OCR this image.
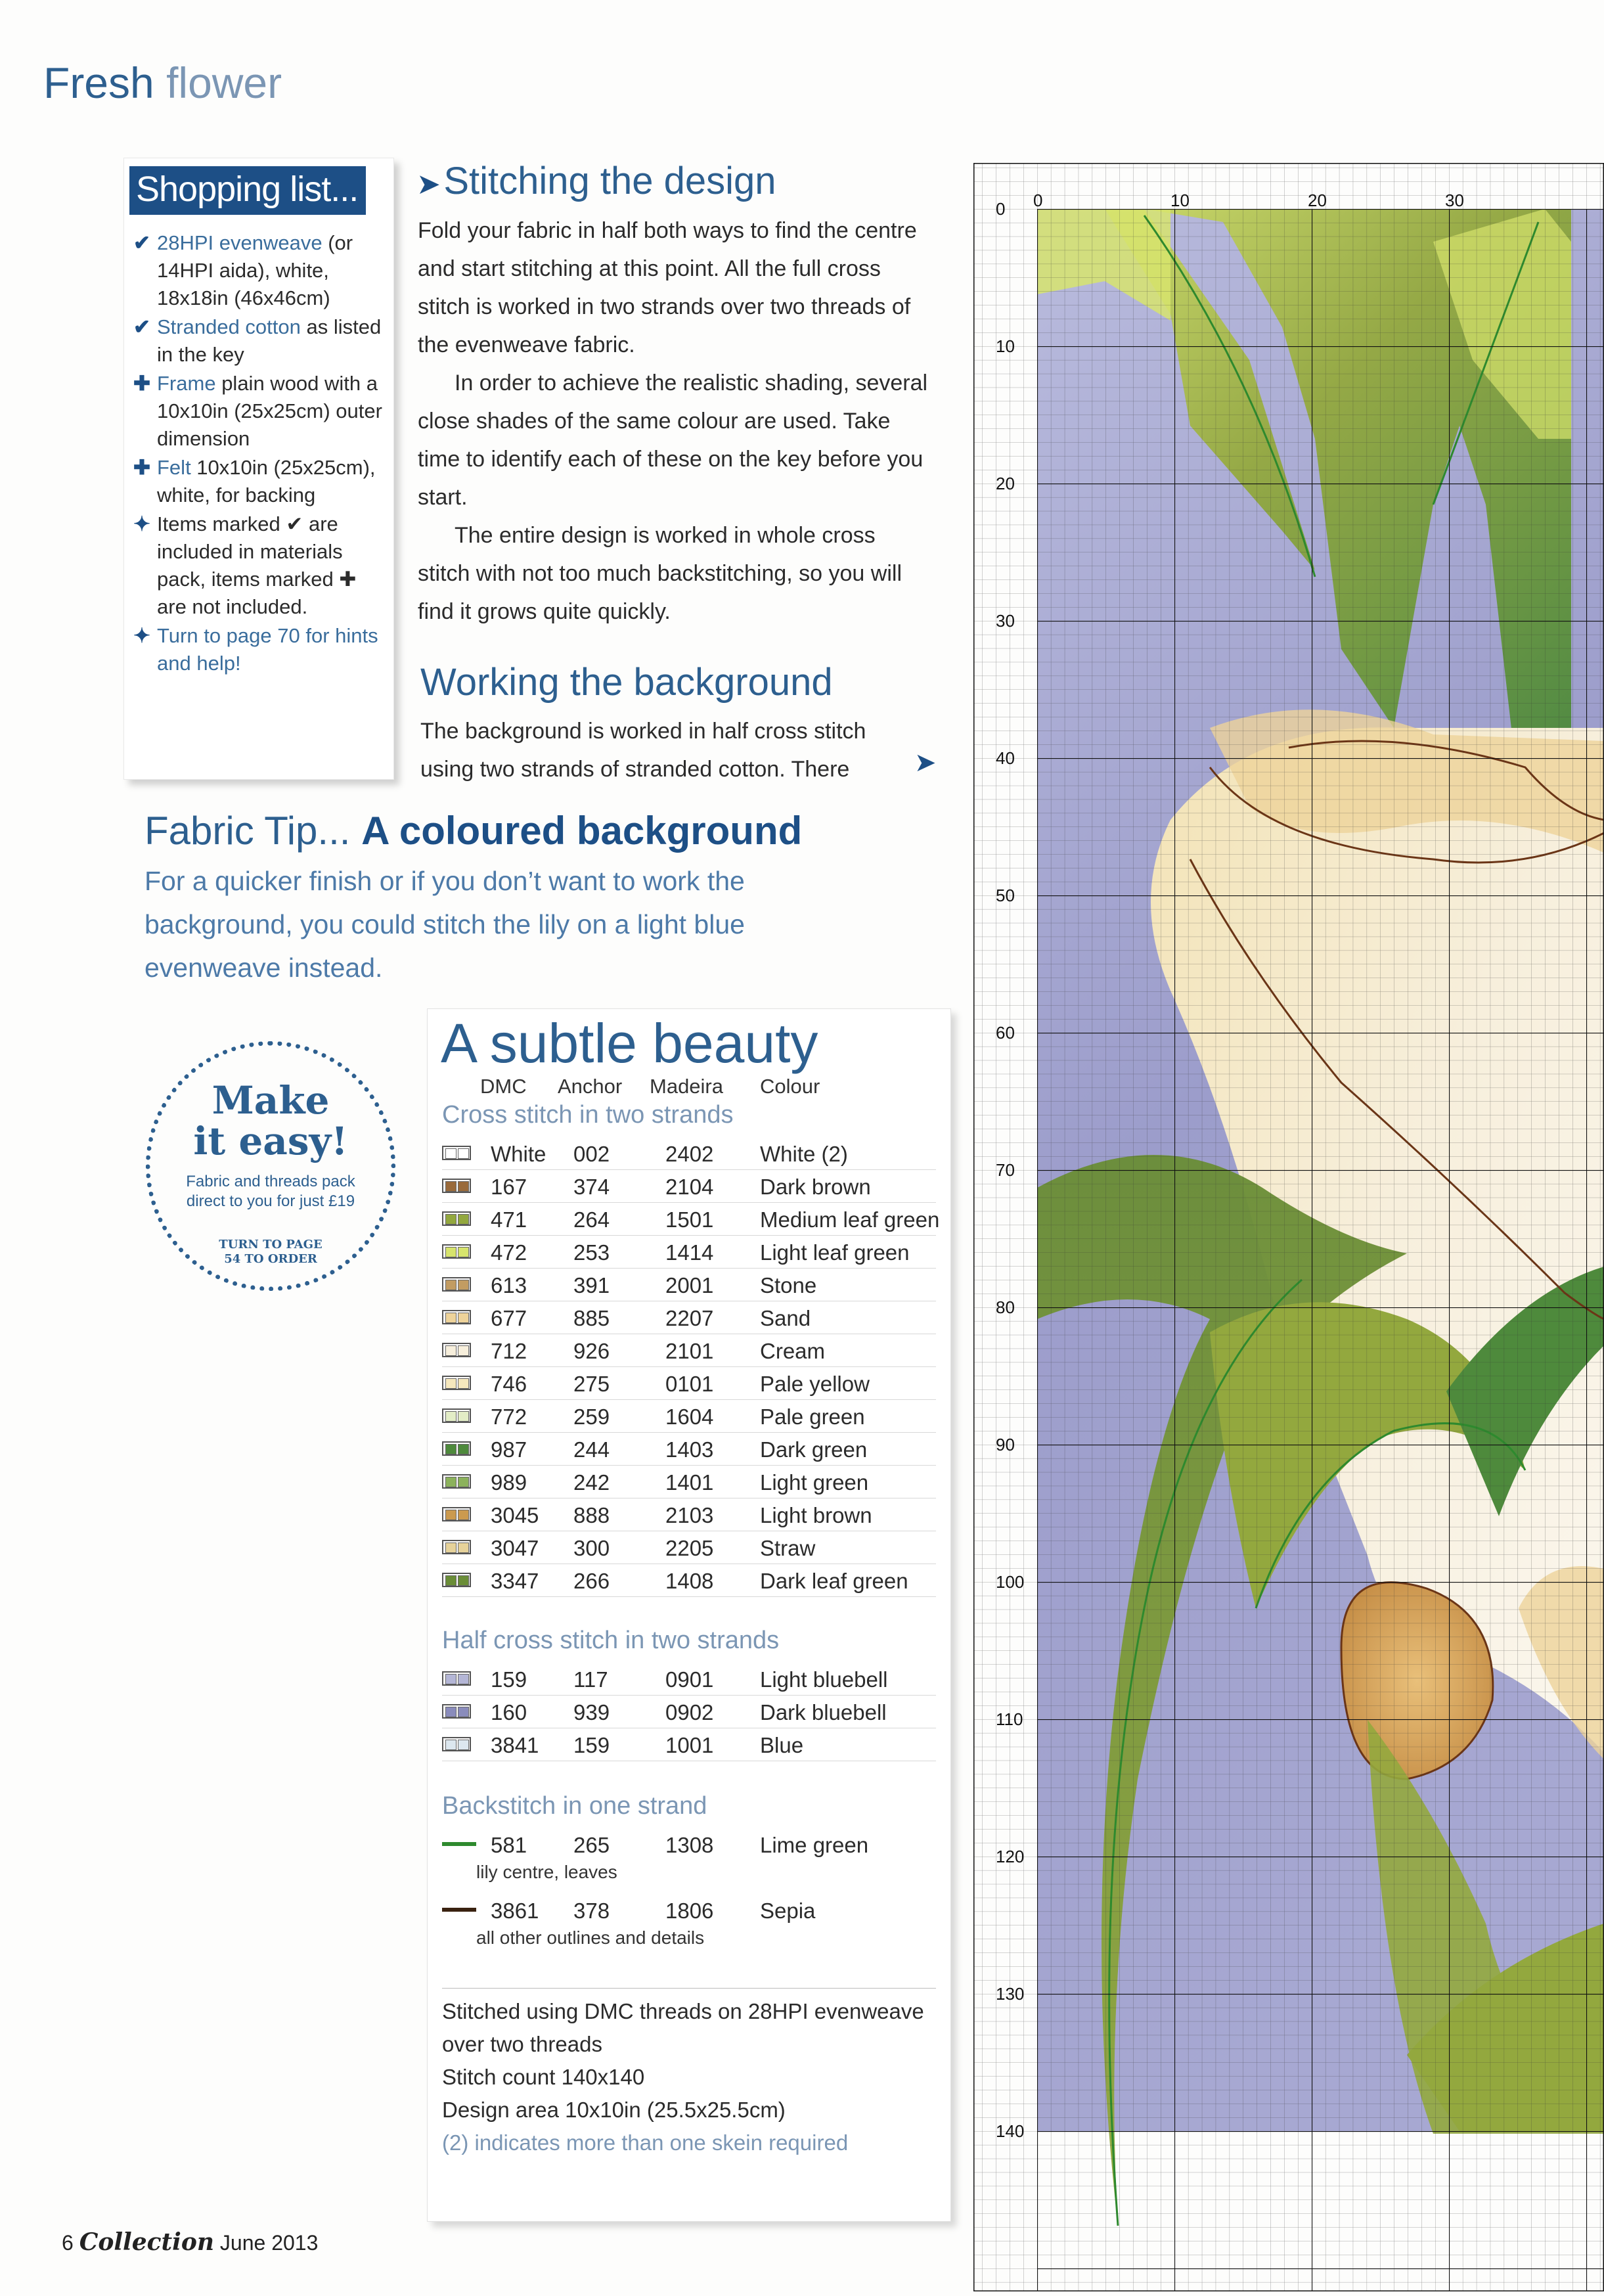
Fresh flower
Shopping list...
✔ 28HPI evenweave (or 14HPI aida), white, 18x18in (46x46cm)
✔ Stranded cotton as listed in the key
✚ Frame plain wood with a 10x10in (25x25cm) outer dimension
✚ Felt 10x10in (25x25cm), white, for backing
✦ Items marked ✔ are included in materials pack, items marked ✚ are not included.
✦ Turn to page 70 for hints and help!
➤ Stitching the design
Fold your fabric in half both ways to find the centre and start stitching at this point. All the full cross stitch is worked in two strands over two threads of the evenweave fabric.
In order to achieve the realistic shading, several close shades of the same colour are used. Take time to identify each of these on the key before you start.
The entire design is worked in whole cross stitch with not too much backstitching, so you will find it grows quite quickly.
Working the background
The background is worked in half cross stitch using two strands of stranded cotton. There	➤
Fabric Tip... A coloured background
For a quicker finish or if you don’t want to work the background, you could stitch the lily on a light blue evenweave instead.
Make
it easy!
Fabric and threads pack direct to you for just £19
TURN TO PAGE 54 TO ORDER
A subtle beauty
DMC Anchor Madeira Colour
Cross stitch in two strands
White 002	2402 White (2)
167 374	2104 Dark brown
471 264	1501 Medium leaf green
472 253	1414 Light leaf green
613 391	2001 Stone
677 885	2207 Sand
712 926	2101 Cream
746 275	0101 Pale yellow
772 259	1604 Pale green
987 244	1403 Dark green
989 242	1401 Light green
3045 888	2103 Light brown
3047 300	2205 Straw
3347 266	1408 Dark leaf green
Half cross stitch in two strands
159 117	0901 Light bluebell
160 939	0902 Dark bluebell
3841 159	1001 Blue
Backstitch in one strand
581 265	1308 Lime green
lily centre, leaves
3861 378	1806 Sepia
all other outlines and details
Stitched using DMC threads on 28HPI evenweave
over two threads
Stitch count 140x140
Design area 10x10in (25.5x25.5cm)
(2) indicates more than one skein required
0	10	20	30
0
10
20
30
40
50
60
70
80
90
100
110
120
130
140
6 Collection June 2013
